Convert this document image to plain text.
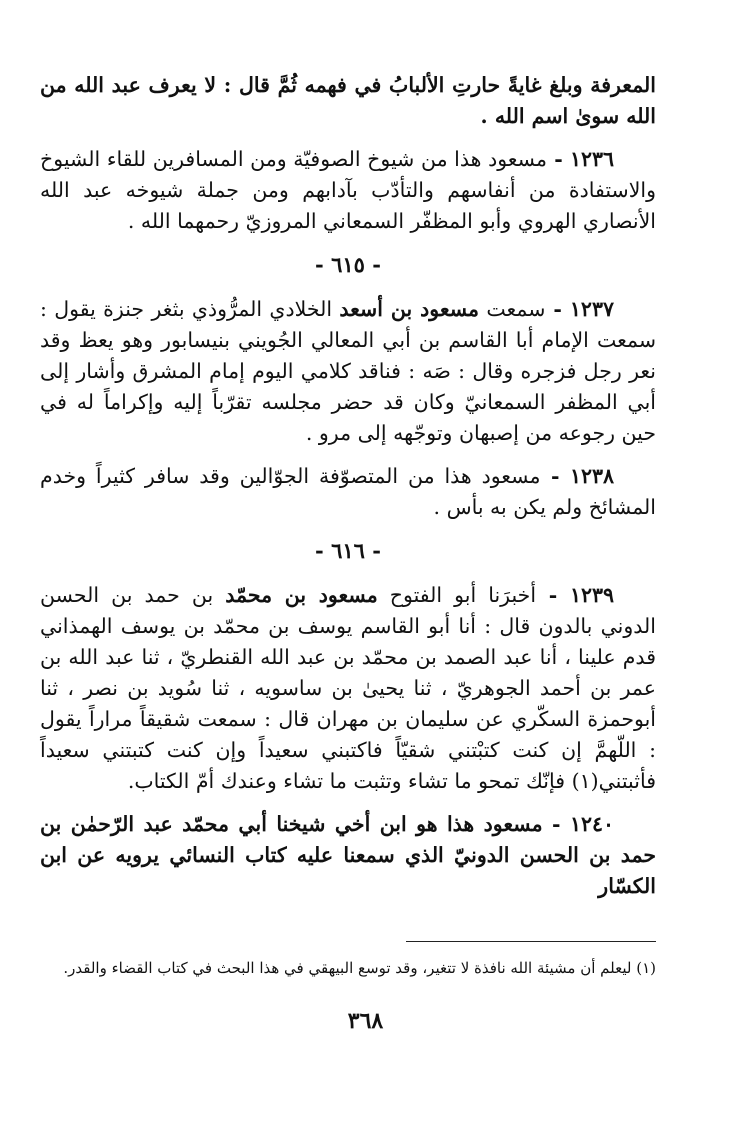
المعرفة وبلغ غايةً حارتِ الألبابُ في فهمه ثُمَّ قال : لا يعرف عبد الله من الله سوىٰ اسم الله .

١٢٣٦ - مسعود هذا من شيوخ الصوفيّة ومن المسافرين للقاء الشيوخ والاستفادة من أنفاسهم والتأدّب بآدابهم ومن جملة شيوخه عبد الله الأنصاري الهروي وأبو المظفّر السمعاني المروزيّ رحمهما الله .

- ٦١٥ -

١٢٣٧ - سمعت مسعود بن أسعد الخلادي المرُّوذي بثغر جنزة يقول : سمعت الإمام أبا القاسم بن أبي المعالي الجُويني بنيسابور وهو يعظ وقد نعر رجل فزجره وقال : صَه : فناقد كلامي اليوم إمام المشرق وأشار إلى أبي المظفر السمعانيّ وكان قد حضر مجلسه تقرّباً إليه وإكراماً له في حين رجوعه من إصبهان وتوجّهه إلى مرو .

١٢٣٨ - مسعود هذا من المتصوّفة الجوّالين وقد سافر كثيراً وخدم المشائخ ولم يكن به بأس .

- ٦١٦ -

١٢٣٩ - أخبرَنا أبو الفتوح مسعود بن محمّد بن حمد بن الحسن الدوني بالدون قال : أنا أبو القاسم يوسف بن محمّد بن يوسف الهمذاني قدم علينا ، أنا عبد الصمد بن محمّد بن عبد الله القنطريّ ، ثنا عبد الله بن عمر بن أحمد الجوهريّ ، ثنا يحيىٰ بن ساسويه ، ثنا سُويد بن نصر ، ثنا أبوحمزة السكّري عن سليمان بن مهران قال : سمعت شقيقاً مراراً يقول : اللّهمَّ إن كنت كتبْتني شقيّاً فاكتبني سعيداً وإن كنت كتبتني سعيداً فأثبتني(١) فإنّك تمحو ما تشاء وتثبت ما تشاء وعندك أمّ الكتاب.

١٢٤٠ - مسعود هذا هو ابن أخي شيخنا أبي محمّد عبد الرّحمٰن بن حمد بن الحسن الدونيّ الذي سمعنا عليه كتاب النسائي يرويه عن ابن الكسّار

(١) ليعلم أن مشيئة الله نافذة لا تتغير، وقد توسع البيهقي في هذا البحث في كتاب القضاء والقدر.
٣٦٨
